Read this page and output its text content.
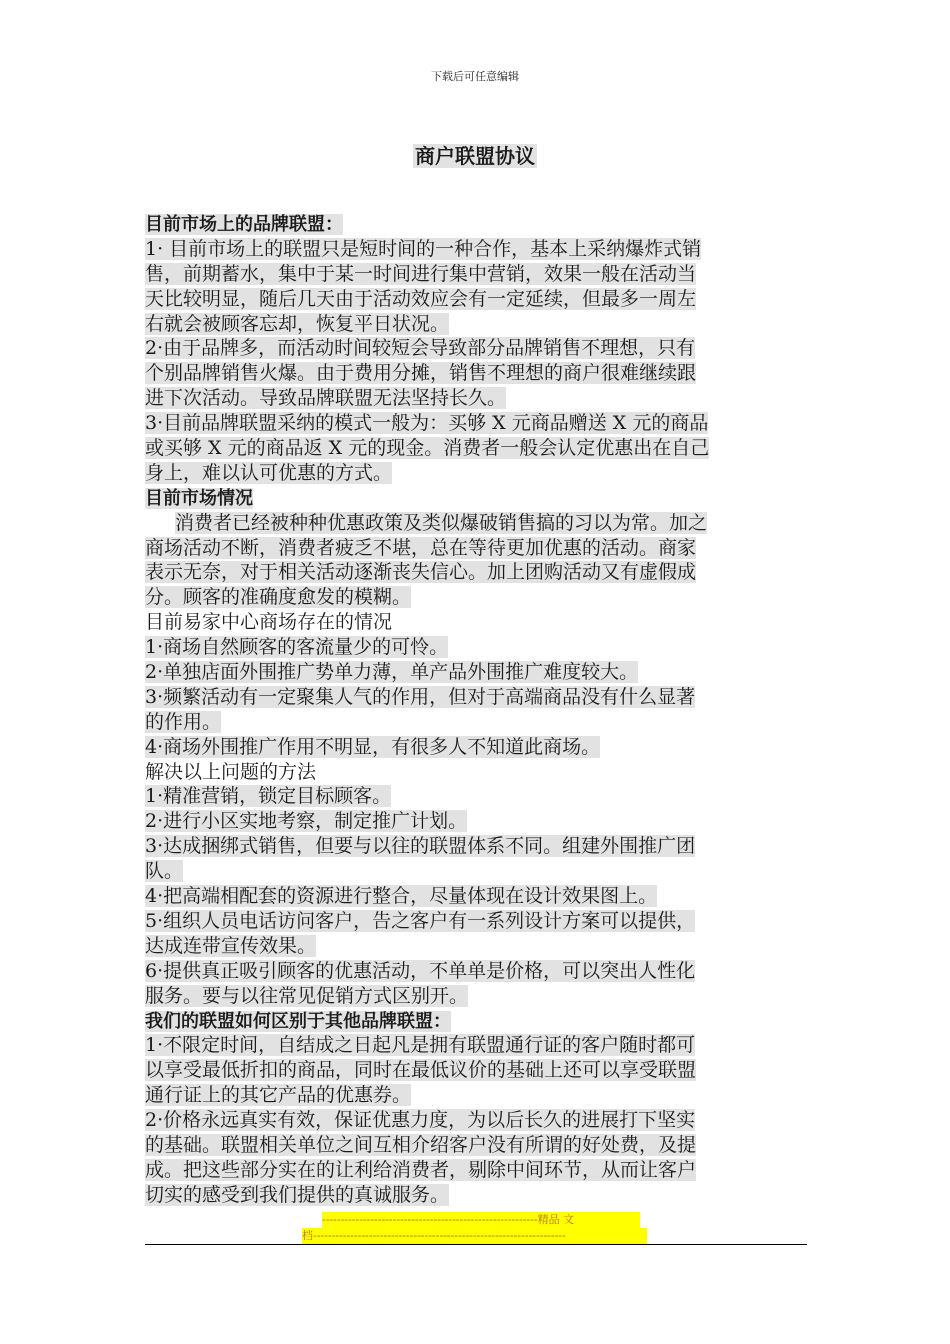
下载后可任意编辑
商户联盟协议
目前市场上的品牌联盟：
1· 目前市场上的联盟只是短时间的一种合作，基本上采纳爆炸式销
售，前期蓄水，集中于某一时间进行集中营销，效果一般在活动当
天比较明显，随后几天由于活动效应会有一定延续，但最多一周左
右就会被顾客忘却，恢复平日状况。
2·由于品牌多，而活动时间较短会导致部分品牌销售不理想，只有
个别品牌销售火爆。由于费用分摊，销售不理想的商户很难继续跟
进下次活动。导致品牌联盟无法坚持长久。
3·目前品牌联盟采纳的模式一般为：买够 X 元商品赠送 X 元的商品
或买够 X 元的商品返 X 元的现金。消费者一般会认定优惠出在自己
身上，难以认可优惠的方式。
目前市场情况
消费者已经被种种优惠政策及类似爆破销售搞的习以为常。加之
商场活动不断，消费者疲乏不堪，总在等待更加优惠的活动。商家
表示无奈，对于相关活动逐渐丧失信心。加上团购活动又有虚假成
分。顾客的准确度愈发的模糊。
目前易家中心商场存在的情况
1·商场自然顾客的客流量少的可怜。
2·单独店面外围推广势单力薄，单产品外围推广难度较大。
3·频繁活动有一定聚集人气的作用，但对于高端商品没有什么显著
的作用。
4·商场外围推广作用不明显，有很多人不知道此商场。
解决以上问题的方法
1·精准营销，锁定目标顾客。
2·进行小区实地考察，制定推广计划。
3·达成捆绑式销售，但要与以往的联盟体系不同。组建外围推广团
队。
4·把高端相配套的资源进行整合，尽量体现在设计效果图上。
5·组织人员电话访问客户，告之客户有一系列设计方案可以提供，
达成连带宣传效果。
6·提供真正吸引顾客的优惠活动，不单单是价格，可以突出人性化
服务。要与以往常见促销方式区别开。
我们的联盟如何区别于其他品牌联盟：
1·不限定时间，自结成之日起凡是拥有联盟通行证的客户随时都可
以享受最低折扣的商品，同时在最低议价的基础上还可以享受联盟
通行证上的其它产品的优惠券。
2·价格永远真实有效，保证优惠力度，为以后长久的进展打下坚实
的基础。联盟相关单位之间互相介绍客户没有所谓的好处费，及提
成。把这些部分实在的让利给消费者，剔除中间环节，从而让客户
切实的感受到我们提供的真诚服务。
----------------------------------------------------------精品 文
档--------------------------------------------------------------------
